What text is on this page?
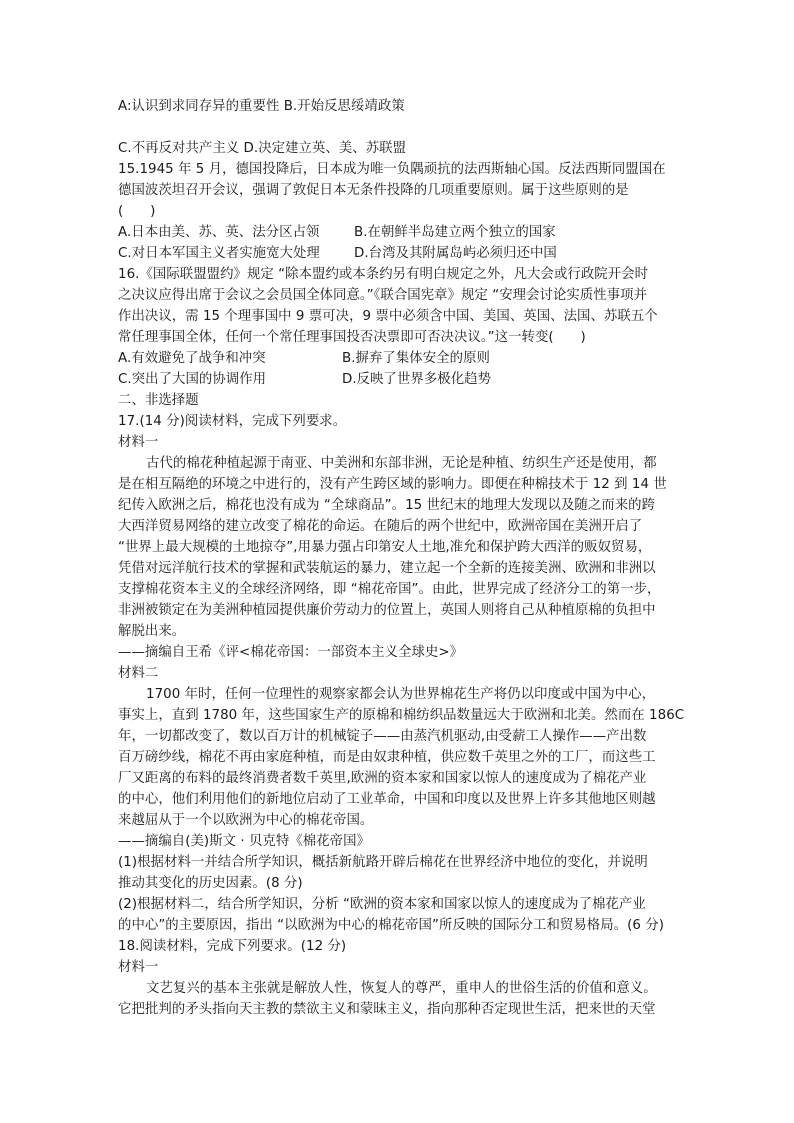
A:认识到求同存异的重要性 B.开始反思绥靖政策
C.不再反对共产主义 D.决定建立英、美、苏联盟
15.1945 年 5 月，德国投降后，日本成为唯一负隅顽抗的法西斯轴心国。反法西斯同盟国在
德国波茨坦召开会议，强调了敦促日本无条件投降的几项重要原则。属于这些原则的是
(　　)
A.日本由美、苏、英、法分区占领	B.在朝鲜半岛建立两个独立的国家
C.对日本军国主义者实施宽大处理	D.台湾及其附属岛屿必须归还中国
16.《国际联盟盟约》规定 “除本盟约或本条约另有明白规定之外，凡大会或行政院开会时
之决议应得出席于会议之会员国全体同意。”《联合国宪章》规定 “安理会讨论实质性事项并
作出决议，需 15 个理事国中 9 票可决，9 票中必须含中国、美国、英国、法国、苏联五个
常任理事国全体，任何一个常任理事国投否决票即可否决决议。”这一转变(　　)
A.有效避免了战争和冲突	B.摒弃了集体安全的原则
C.突出了大国的协调作用	D.反映了世界多极化趋势
二、非选择题
17.(14 分)阅读材料，完成下列要求。
材料一
古代的棉花种植起源于南亚、中美洲和东部非洲，无论是种植、纺织生产还是使用，都
是在相互隔绝的环境之中进行的，没有产生跨区域的影响力。即便在种棉技术于 12 到 14 世
纪传入欧洲之后，棉花也没有成为 “全球商品”。15 世纪末的地理大发现以及随之而来的跨
大西洋贸易网络的建立改变了棉花的命运。在随后的两个世纪中，欧洲帝国在美洲开启了
“世界上最大规模的土地掠夺”,用暴力强占印第安人土地,准允和保护跨大西洋的贩奴贸易，
凭借对远洋航行技术的掌握和武装航运的暴力，建立起一个全新的连接美洲、欧洲和非洲以
支撑棉花资本主义的全球经济网络，即 “棉花帝国”。由此，世界完成了经济分工的第一步，
非洲被锁定在为美洲种植园提供廉价劳动力的位置上，英国人则将自己从种植原棉的负担中
解脱出来。
——摘编自王希《评<棉花帝国：一部资本主义全球史>》
材料二
1700 年时，任何一位理性的观察家都会认为世界棉花生产将仍以印度或中国为中心，
事实上，直到 1780 年，这些国家生产的原棉和棉纺织品数量远大于欧洲和北美。然而在 186C
年，一切都改变了，数以百万计的机械锭子——由蒸汽机驱动,由受薪工人操作——产出数
百万磅纱线，棉花不再由家庭种植，而是由奴隶种植，供应数千英里之外的工厂，而这些工
厂又距离的布料的最终消费者数千英里,欧洲的资本家和国家以惊人的速度成为了棉花产业
的中心，他们利用他们的新地位启动了工业革命，中国和印度以及世界上许多其他地区则越
来越屈从于一个以欧洲为中心的棉花帝国。
——摘编自(美)斯文 · 贝克特《棉花帝国》
(1)根据材料一并结合所学知识，概括新航路开辟后棉花在世界经济中地位的变化，并说明
推动其变化的历史因素。(8 分)
(2)根据材料二，结合所学知识，分析 “欧洲的资本家和国家以惊人的速度成为了棉花产业
的中心”的主要原因，指出 “以欧洲为中心的棉花帝国”所反映的国际分工和贸易格局。(6 分)
18.阅读材料，完成下列要求。(12 分)
材料一
文艺复兴的基本主张就是解放人性，恢复人的尊严，重申人的世俗生活的价值和意义。
它把批判的矛头指向天主教的禁欲主义和蒙昧主义，指向那种否定现世生活，把来世的天堂
